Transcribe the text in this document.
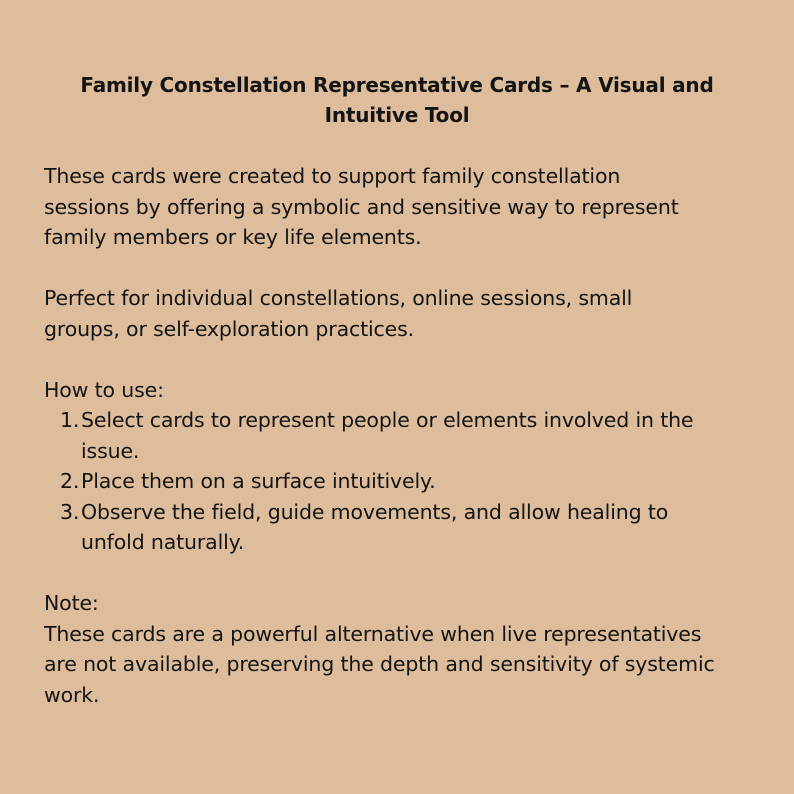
Family Constellation Representative Cards – A Visual and Intuitive Tool

These cards were created to support family constellation sessions by offering a symbolic and sensitive way to represent family members or key life elements.

Perfect for individual constellations, online sessions, small groups, or self-exploration practices.

How to use:

1. Select cards to represent people or elements involved in the issue.
2. Place them on a surface intuitively.
3. Observe the field, guide movements, and allow healing to unfold naturally.

Note:

These cards are a powerful alternative when live representatives are not available, preserving the depth and sensitivity of systemic work.
